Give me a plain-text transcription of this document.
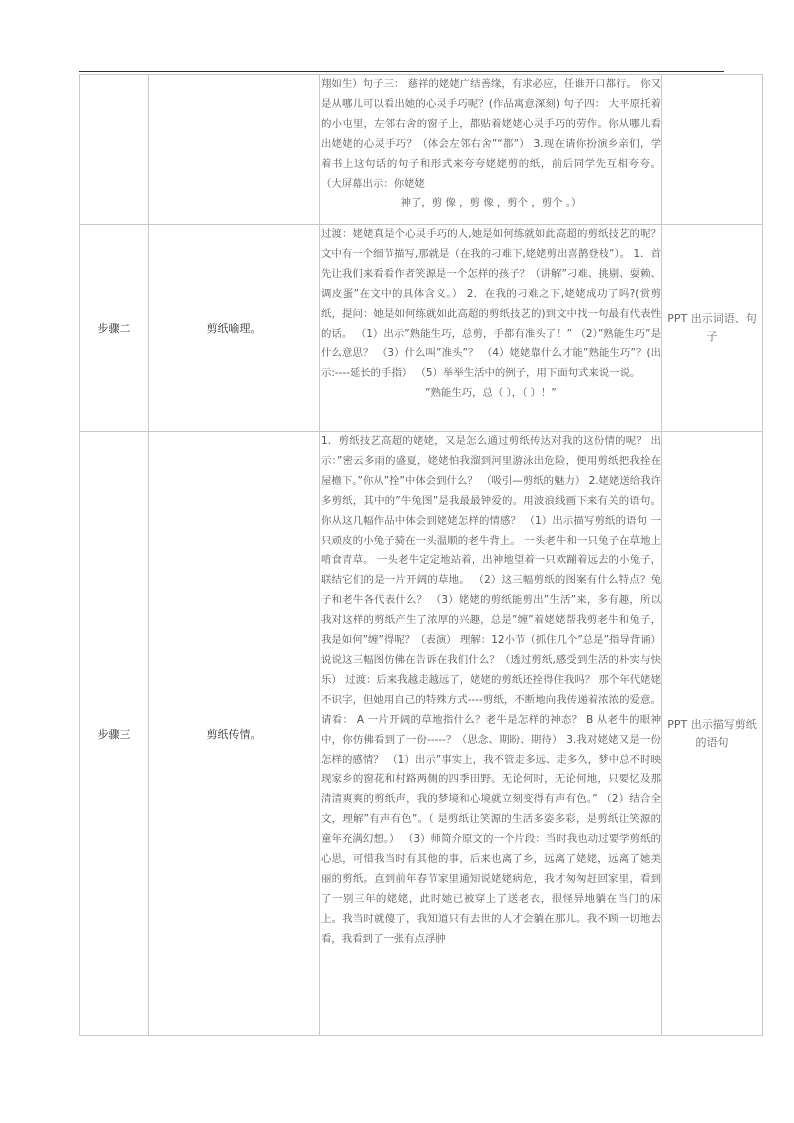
		翔如生）句子三： 慈祥的姥姥广结善缘，有求必应，任谁开口都行。 你又是从哪儿可以看出她的心灵手巧呢？(作品寓意深刻) 句子四： 大平原托着的小屯里，左邻右舍的窗子上，都贴着姥姥心灵手巧的劳作。你从哪儿看出姥姥的心灵手巧？（体会左邻右舍”“都”） 3.现在请你扮演乡亲们，学着书上这句话的句子和形式来夸夸姥姥剪的纸，前后同学先互相夸夸。 （大屏幕出示：你姥姥
神了，剪 像 ，剪 像 ，剪个 ，剪个 。）	

步骤二	剪纸喻理。	过渡：姥姥真是个心灵手巧的人,她是如何练就如此高超的剪纸技艺的呢？文中有一个细节描写,那就是（在我的刁难下,姥姥剪出喜鹊登枝”）。 1．首先让我们来看看作者笑源是一个怎样的孩子？（讲解”刁难、挑剔、耍赖、调皮蛋”在文中的具体含义。） 2．在我的刁难之下,姥姥成功了吗?(赏剪纸，提问：她是如何练就如此高超的剪纸技艺的)到文中找一句最有代表性的话。 （1）出示”熟能生巧，总剪，手都有准头了！” （2）”熟能生巧”是什么意思？ （3）什么叫”准头”？ （4）姥姥靠什么才能”熟能生巧”？(出示:----延长的手指） （5）举举生活中的例子，用下面句式来说一说。
”熟能生巧，总（ ），（ ）！”	PPT 出示词语、句子

步骤三	剪纸传情。	1．剪纸技艺高超的姥姥，又是怎么通过剪纸传达对我的这份情的呢？ 出示：”密云多雨的盛夏，姥姥怕我溜到河里游泳出危险，便用剪纸把我拴在屋檐下。”你从”拴”中体会到什么？ （吸引—剪纸的魅力） 2.姥姥送给我许多剪纸，其中的”牛兔图”是我最最钟爱的。用波浪线画下来有关的语句。你从这几幅作品中体会到姥姥怎样的情感？ （1）出示描写剪纸的语句 一只顽皮的小兔子骑在一头温顺的老牛背上。 一头老牛和一只兔子在草地上啃食青草。 一头老牛定定地站着，出神地望着一只欢蹦着远去的小兔子，联结它们的是一片开阔的草地。 （2）这三幅剪纸的图案有什么特点？兔子和老牛各代表什么？ （3）姥姥的剪纸能剪出”生活”来，多有趣，所以我对这样的剪纸产生了浓厚的兴趣，总是”缠”着姥姥帮我剪老牛和兔子，我是如何”缠”得呢？（表演） 理解：12小节（抓住几个”总是”指导背诵）说说这三幅图仿佛在告诉在我们什么？（透过剪纸,感受到生活的朴实与快乐） 过渡：后来我越走越远了，姥姥的剪纸还拴得住我吗？ 那个年代姥姥不识字，但她用自己的特殊方式----剪纸，不断地向我传递着浓浓的爱意。请看： A 一片开阔的草地指什么？老牛是怎样的神态？ B 从老牛的眼神中，你仿佛看到了一份-----？（思念、期盼、期待） 3.我对姥姥又是一份怎样的感情？ （1）出示”事实上，我不管走多远、走多久，梦中总不时映现家乡的窗花和村路两侧的四季田野。无论何时，无论何地，只要忆及那清清爽爽的剪纸声，我的梦境和心境就立刻变得有声有色。” （2）结合全文，理解”有声有色”。（ 是剪纸让笑源的生活多姿多彩，是剪纸让笑源的童年充满幻想。） （3）师简介原文的一个片段：当时我也动过要学剪纸的心思，可惜我当时有其他的事，后来也离了乡，远离了姥姥，远离了她美丽的剪纸。直到前年春节家里通知说姥姥病危，我才匆匆赶回家里，看到了一别三年的姥姥，此时她已被穿上了送老衣，很怪异地躺在当门的床上。我当时就傻了，我知道只有去世的人才会躺在那儿。我不顾一切地去看，我看到了一张有点浮肿	PPT 出示描写剪纸的语句
